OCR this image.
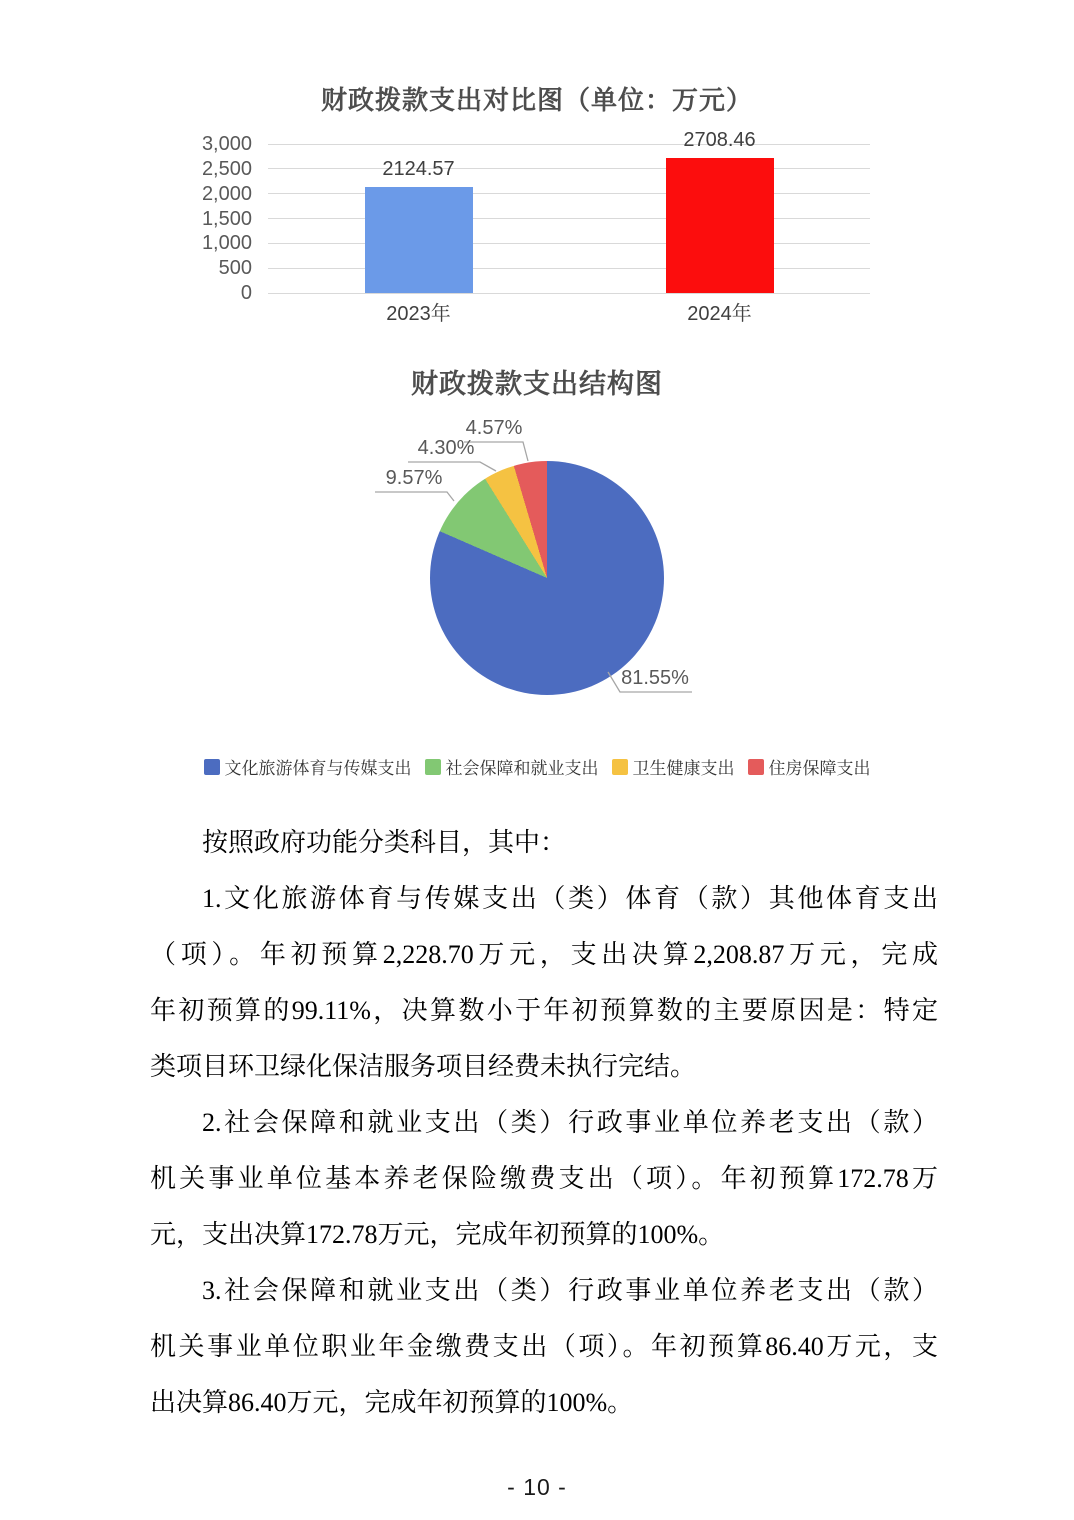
财政拨款支出对比图（单位：万元）
0
500
1,000
1,500
2,000
2,500
3,000
2124.57
2023年
2708.46
2024年
财政拨款支出结构图
81.55%
9.57%
4.30%
4.57%
文化旅游体育与传媒支出 社会保障和就业支出 卫生健康支出 住房保障支出
按照政府功能分类科目，其中：
1.文化旅游体育与传媒支出（类）体育（款）其他体育支出
（项）。年初预算2,228.70万元，支出决算2,208.87万元，完成
年初预算的99.11%，决算数小于年初预算数的主要原因是：特定
类项目环卫绿化保洁服务项目经费未执行完结。
2.社会保障和就业支出（类）行政事业单位养老支出（款）
机关事业单位基本养老保险缴费支出（项）。年初预算172.78万
元，支出决算172.78万元，完成年初预算的100%。
3.社会保障和就业支出（类）行政事业单位养老支出（款）
机关事业单位职业年金缴费支出（项）。年初预算86.40万元，支
出决算86.40万元，完成年初预算的100%。
- 10 -
